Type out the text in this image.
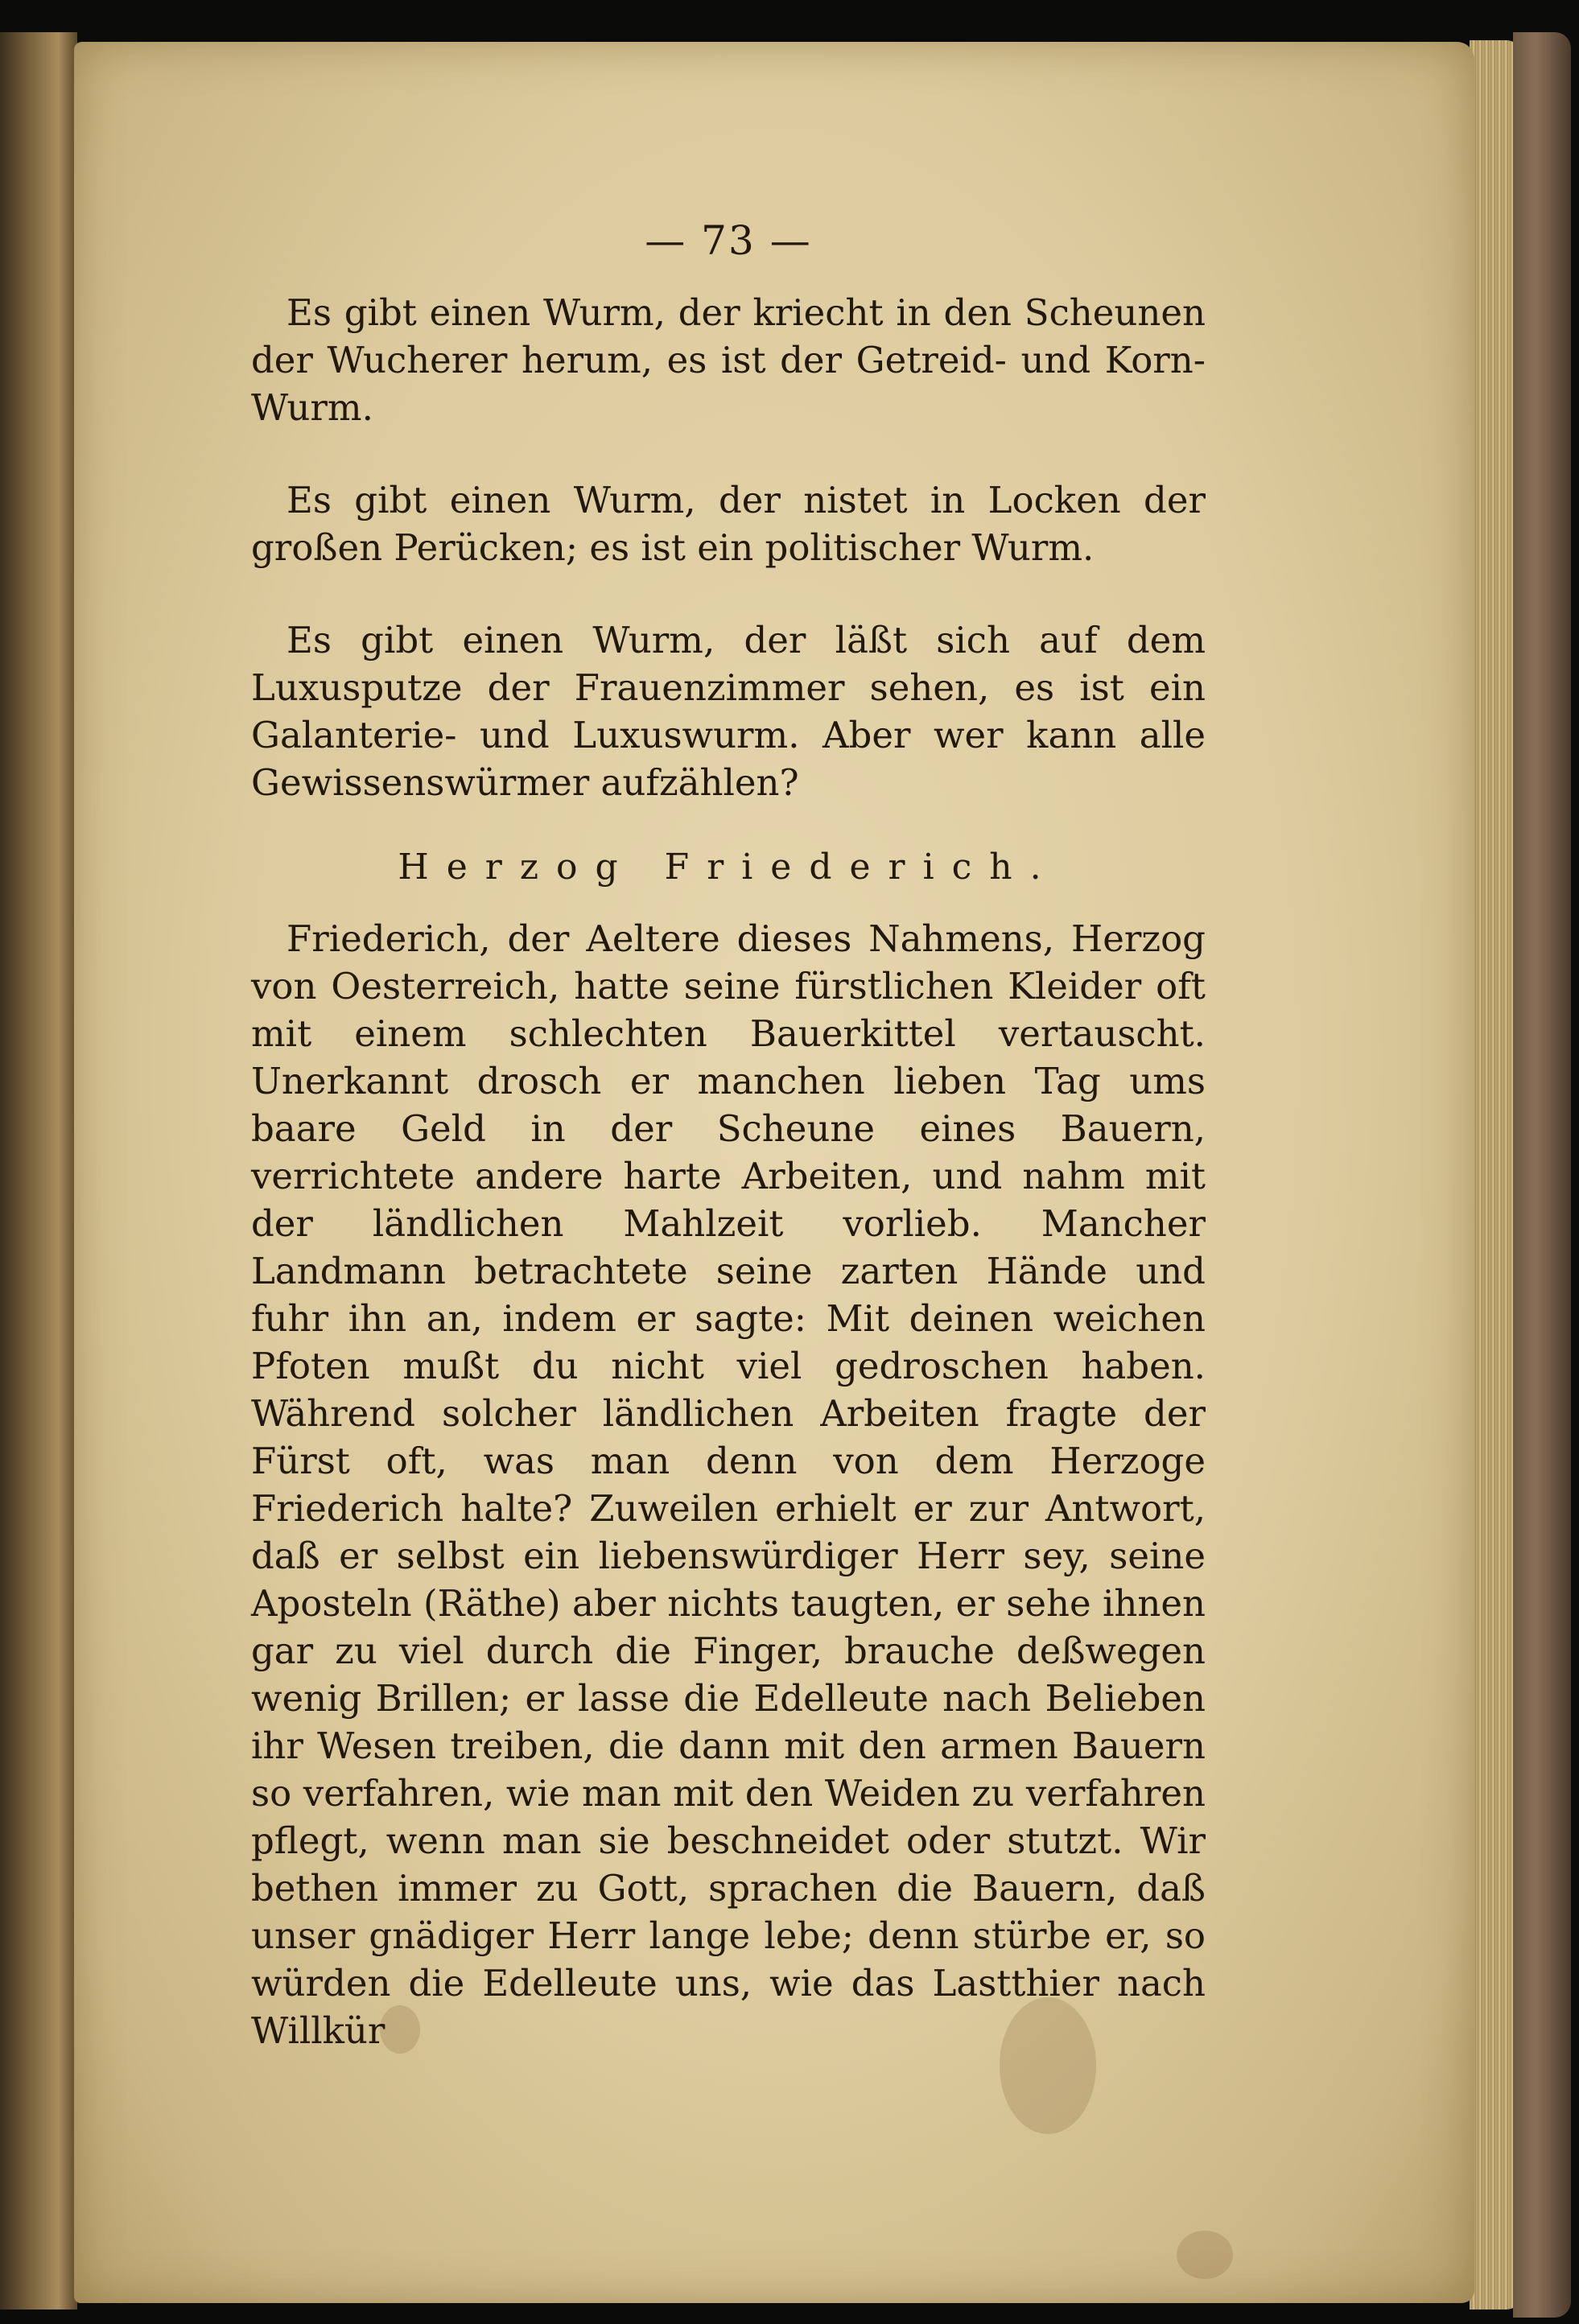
— 73 —

Es gibt einen Wurm, der kriecht in den Scheunen der Wucherer herum, es ist der Getreid- und Korn-Wurm.

Es gibt einen Wurm, der nistet in Locken der großen Perücken; es ist ein politischer Wurm.

Es gibt einen Wurm, der läßt sich auf dem Luxusputze der Frauenzimmer sehen, es ist ein Galanterie- und Luxuswurm. Aber wer kann alle Gewissenswürmer aufzählen?

Herzog Friederich.

Friederich, der Aeltere dieses Nahmens, Herzog von Oesterreich, hatte seine fürstlichen Kleider oft mit einem schlechten Bauerkittel vertauscht. Unerkannt drosch er manchen lieben Tag ums baare Geld in der Scheune eines Bauern, verrichtete andere harte Arbeiten, und nahm mit der ländlichen Mahlzeit vorlieb. Mancher Landmann betrachtete seine zarten Hände und fuhr ihn an, indem er sagte: Mit deinen weichen Pfoten mußt du nicht viel gedroschen haben. Während solcher ländlichen Arbeiten fragte der Fürst oft, was man denn von dem Herzoge Friederich halte? Zuweilen erhielt er zur Antwort, daß er selbst ein liebenswürdiger Herr sey, seine Aposteln (Räthe) aber nichts taugten, er sehe ihnen gar zu viel durch die Finger, brauche deßwegen wenig Brillen; er lasse die Edelleute nach Belieben ihr Wesen treiben, die dann mit den armen Bauern so verfahren, wie man mit den Weiden zu verfahren pflegt, wenn man sie beschneidet oder stutzt. Wir bethen immer zu Gott, sprachen die Bauern, daß unser gnädiger Herr lange lebe; denn stürbe er, so würden die Edelleute uns, wie das Lastthier nach Willkür
